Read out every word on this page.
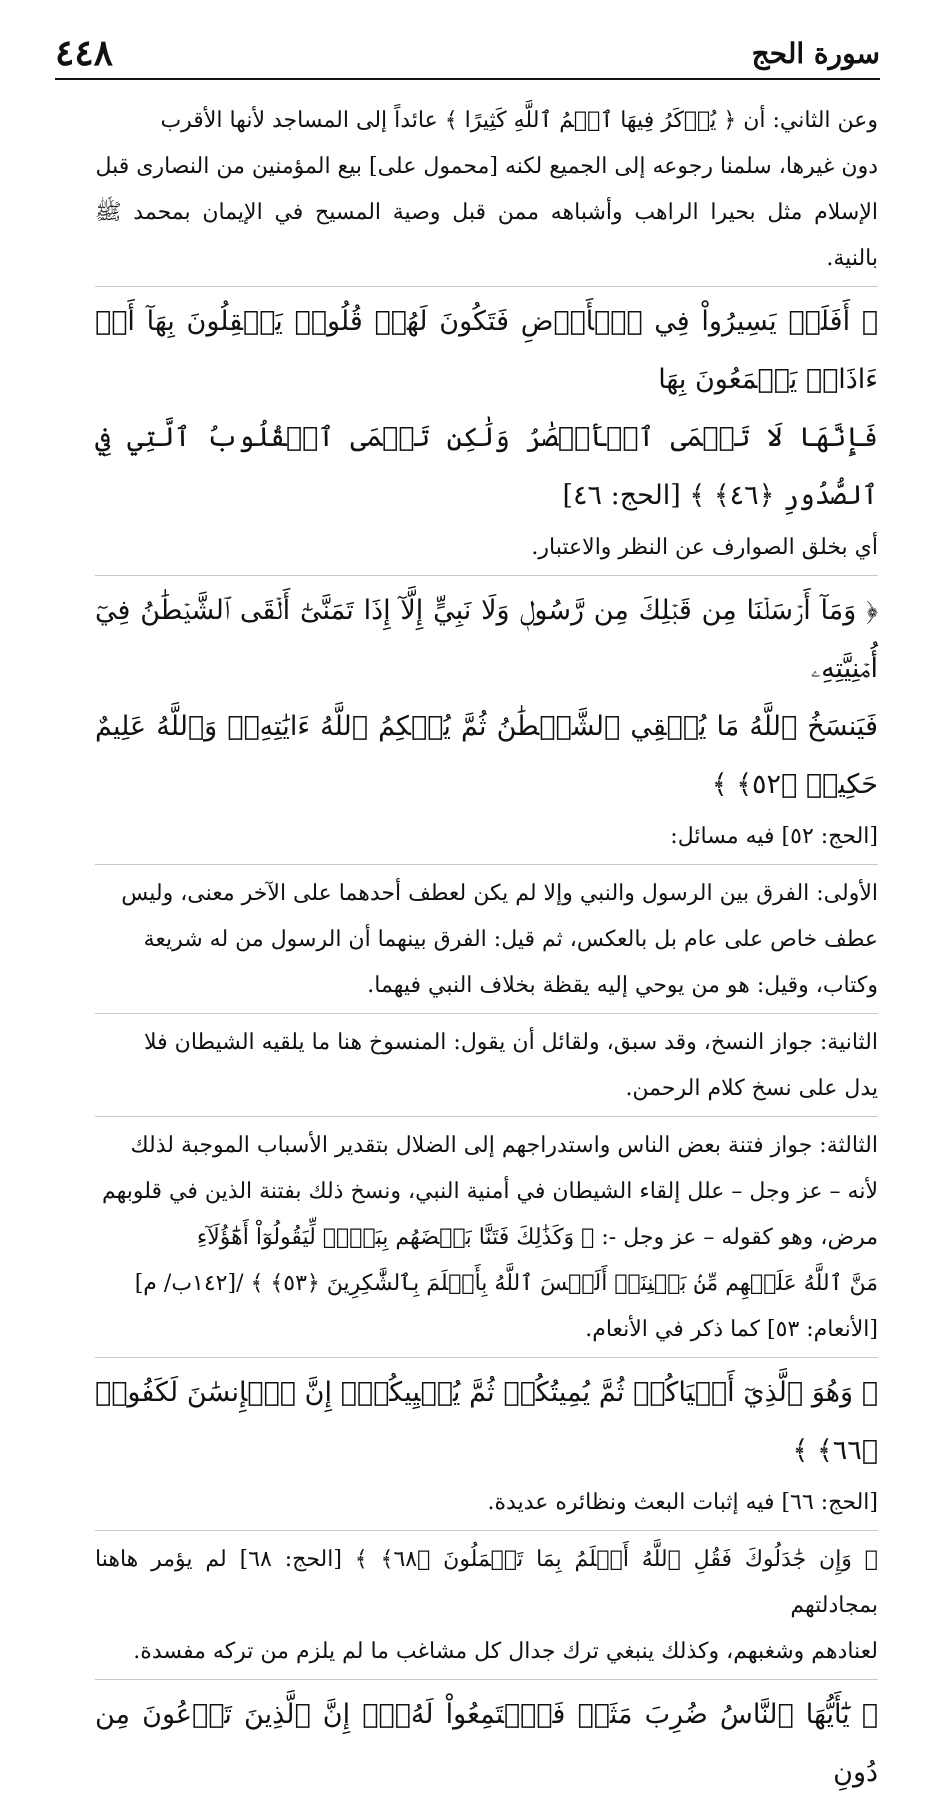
سورة الحج
٤٤٨

وعن الثاني: أن ﴿ يُذۡكَرُ فِيهَا ٱسۡمُ ٱللَّهِ كَثِيرًا ﴾ عائداً إلى المساجد لأنها الأقرب

دون غيرها، سلمنا رجوعه إلى الجميع لكنه [محمول على] بيع المؤمنين من النصارى قبل

الإسلام مثل بحيرا الراهب وأشباهه ممن قبل وصية المسيح في الإيمان بمحمد ﷺ بالنية.

﴿ أَفَلَمۡ يَسِيرُواْ فِي ٱلۡأَرۡضِ فَتَكُونَ لَهُمۡ قُلُوبٞ يَعۡقِلُونَ بِهَآ أَوۡ ءَاذَانٞ يَسۡمَعُونَ بِهَا

فَإِنَّهَا لَا تَعۡمَى ٱلۡأَبۡصَٰرُ وَلَٰكِن تَعۡمَى ٱلۡقُلُوبُ ٱلَّتِي فِي ٱلصُّدُورِ ﴿٤٦﴾ ﴾ [الحج: ٤٦]

أي بخلق الصوارف عن النظر والاعتبار.

﴿ وَمَآ أَرۡسَلۡنَا مِن قَبۡلِكَ مِن رَّسُولٖ وَلَا نَبِيٍّ إِلَّآ إِذَا تَمَنَّىٰٓ أَلۡقَى ٱلشَّيۡطَٰنُ فِيٓ أُمۡنِيَّتِهِۦ

فَيَنسَخُ ٱللَّهُ مَا يُلۡقِي ٱلشَّيۡطَٰنُ ثُمَّ يُحۡكِمُ ٱللَّهُ ءَايَٰتِهِۦۗ وَٱللَّهُ عَلِيمٌ حَكِيمٞ ﴿٥٢﴾ ﴾

[الحج: ٥٢] فيه مسائل:

الأولى: الفرق بين الرسول والنبي وإلا لم يكن لعطف أحدهما على الآخر معنى، وليس

عطف خاص على عام بل بالعكس، ثم قيل: الفرق بينهما أن الرسول من له شريعة

وكتاب، وقيل: هو من يوحي إليه يقظة بخلاف النبي فيهما.

الثانية: جواز النسخ، وقد سبق، ولقائل أن يقول: المنسوخ هنا ما يلقيه الشيطان فلا

يدل على نسخ كلام الرحمن.

الثالثة: جواز فتنة بعض الناس واستدراجهم إلى الضلال بتقدير الأسباب الموجبة لذلك

لأنه – عز وجل – علل إلقاء الشيطان في أمنية النبي، ونسخ ذلك بفتنة الذين في قلوبهم

مرض، وهو كقوله – عز وجل -: ﴿ وَكَذَٰلِكَ فَتَنَّا بَعۡضَهُم بِبَعۡضٖ لِّيَقُولُوٓاْ أَهَٰٓؤُلَآءِ

مَنَّ ٱللَّهُ عَلَيۡهِم مِّنۢ بَيۡنِنَآۗ أَلَيۡسَ ٱللَّهُ بِأَعۡلَمَ بِٱلشَّٰكِرِينَ ﴿٥٣﴾ ﴾ /[١٤٢ب/ م]

[الأنعام: ٥٣] كما ذكر في الأنعام.

﴿ وَهُوَ ٱلَّذِيٓ أَحۡيَاكُمۡ ثُمَّ يُمِيتُكُمۡ ثُمَّ يُحۡيِيكُمۡۗ إِنَّ ٱلۡإِنسَٰنَ لَكَفُورٞ ﴿٦٦﴾ ﴾

[الحج: ٦٦] فيه إثبات البعث ونظائره عديدة.

﴿ وَإِن جَٰدَلُوكَ فَقُلِ ٱللَّهُ أَعۡلَمُ بِمَا تَعۡمَلُونَ ﴿٦٨﴾ ﴾ [الحج: ٦٨] لم يؤمر هاهنا بمجادلتهم

لعنادهم وشغبهم، وكذلك ينبغي ترك جدال كل مشاغب ما لم يلزم من تركه مفسدة.

﴿ يَٰٓأَيُّهَا ٱلنَّاسُ ضُرِبَ مَثَلٞ فَٱسۡتَمِعُواْ لَهُۥٓۚ إِنَّ ٱلَّذِينَ تَدۡعُونَ مِن دُونِ
